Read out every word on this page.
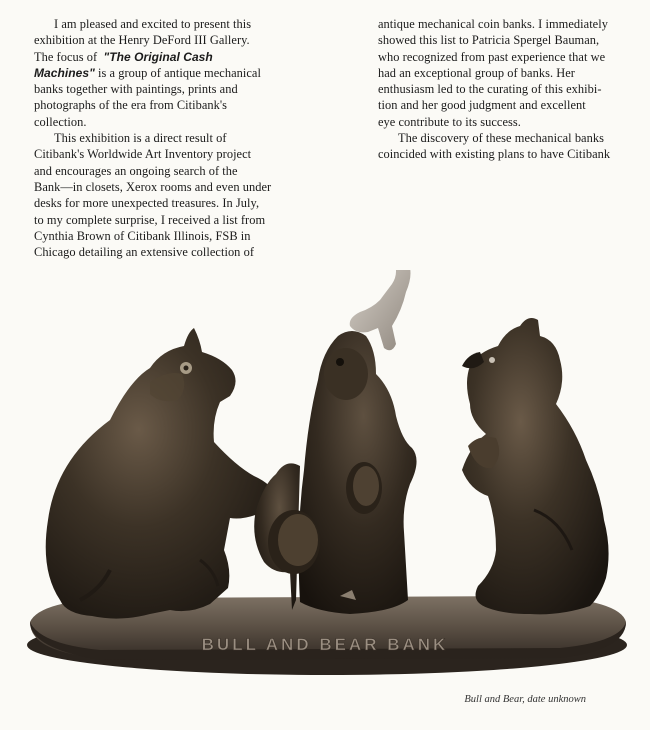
I am pleased and excited to present this
exhibition at the Henry DeFord III Gallery.
The focus of "The Original Cash
Machines" is a group of antique mechanical
banks together with paintings, prints and
photographs of the era from Citibank's
collection.
This exhibition is a direct result of
Citibank's Worldwide Art Inventory project
and encourages an ongoing search of the
Bank—in closets, Xerox rooms and even under
desks for more unexpected treasures. In July,
to my complete surprise, I received a list from
Cynthia Brown of Citibank Illinois, FSB in
Chicago detailing an extensive collection of
antique mechanical coin banks. I immediately
showed this list to Patricia Spergel Bauman,
who recognized from past experience that we
had an exceptional group of banks. Her
enthusiasm led to the curating of this exhibi-
tion and her good judgment and excellent
eye contribute to its success.
The discovery of these mechanical banks
coincided with existing plans to have Citibank
BULL AND BEAR BANK
Bull and Bear, date unknown
